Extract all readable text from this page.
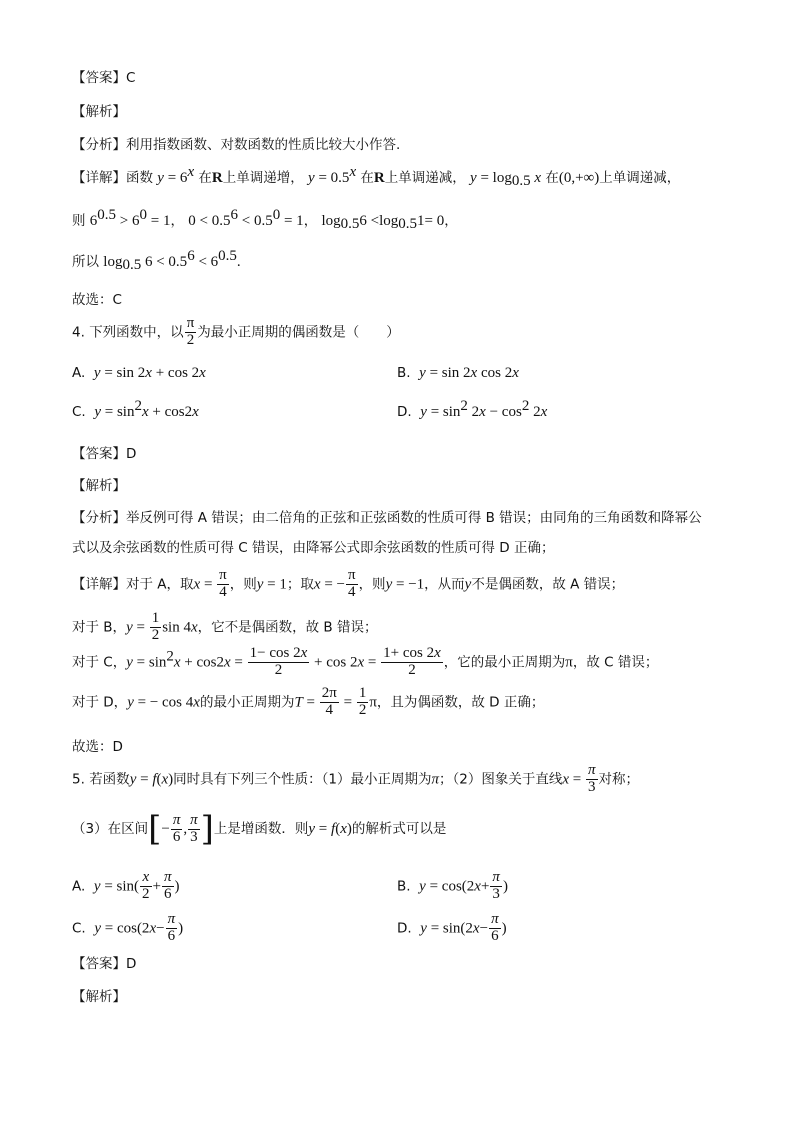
【答案】C
【解析】
【分析】利用指数函数、对数函数的性质比较大小作答.
【详解】函数 $y = 6^x$ 在R上单调递增， $y = 0.5^x$ 在R上单调递减， $y = \log_{0.5} x$ 在(0,+∞)上单调递减，
则 $6^{0.5} > 6^0 = 1$， $0 < 0.5^6 < 0.5^0 = 1$， $\log_{0.5}6 <\log_{0.5}1= 0$，
所以 $\log_{0.5} 6 < 0.5^6 < 6^{0.5}$.
故选：C
4. 下列函数中，以 $\frac{\pi}{2}$ 为最小正周期的偶函数是（　　）
A. y = sin 2x + cos 2x	B. y = sin 2x cos 2x
C. $y = \sin^2x + \cos 2x$	D. $y = \sin^2 2x - \cos^2 2x$
【答案】D
【解析】
【分析】举反例可得 A 错误；由二倍角的正弦和正弦函数的性质可得 B 错误；由同角的三角函数和降幂公
式以及余弦函数的性质可得 C 错误，由降幂公式即余弦函数的性质可得 D 正确；
【详解】对于 A，取$x = \frac{\pi}{4}$ ，则y = 1；取x = − $\frac{\pi}{4}$ ，则y = −1，从而y不是偶函数，故 A 错误；
对于 B，$y = \frac{1}{2}$ sin 4x，它不是偶函数，故 B 错误；
对于 C，$y = \sin^2x + \cos 2x = \frac{1- \cos 2x}{2} + \cos 2x = \frac{1+ \cos 2x}{2}$ ，它的最小正周期为π，故 C 错误；
对于 D，y = − cos 4x的最小正周期为$T = \frac{2\pi}{4} = \frac{1}{2}$ π，且为偶函数，故 D 正确；
故选：D
5. 若函数y = f(x)同时具有下列三个性质：（1）最小正周期为π；（2）图象关于直线$x = \frac{\pi}{3}$ 对称；
（3）在区间[− $\frac{\pi}{6}$ , $\frac{\pi}{3}$ ]上是增函数．则y = f(x)的解析式可以是
A. $y = \sin( \frac{x}{2} + \frac{\pi}{6}$ )	B. $y = \cos(2x+ \frac{\pi}{3}$ )
C. $y = \cos(2x- \frac{\pi}{6}$ )	D. $y = \sin(2x- \frac{\pi}{6}$ )
【答案】D
【解析】
